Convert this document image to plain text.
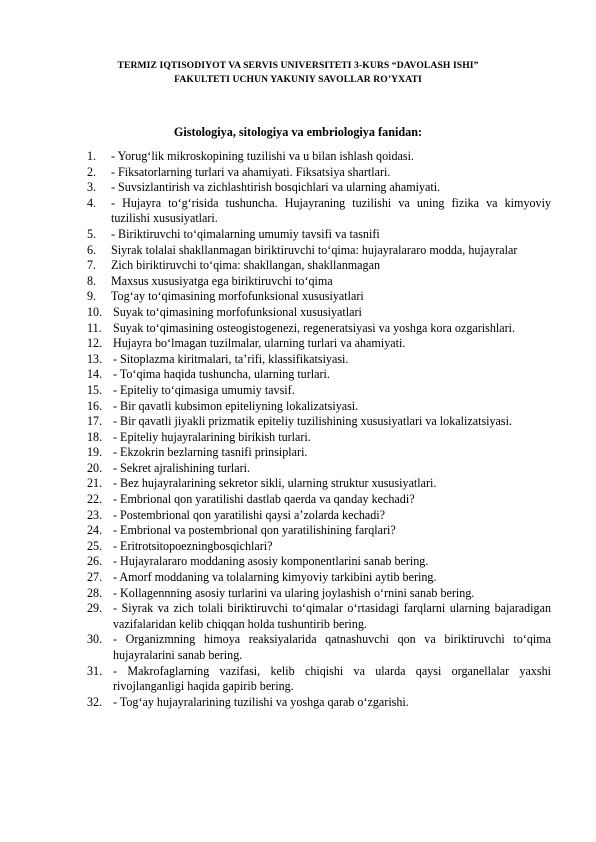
TERMIZ IQTISODIYOT VA SERVIS UNIVERSITETI 3-KURS “DAVOLASH ISHI”
FAKULTETI UCHUN YAKUNIY SAVOLLAR RO’YXATI
Gistologiya, sitologiya va embriologiya fanidan:
1.	- Yorug‘lik mikroskopining tuzilishi va u bilan ishlash qoidasi.
2.	- Fiksatorlarning turlari va ahamiyati. Fiksatsiya shartlari.
3.	- Suvsizlantirish va zichlashtirish bosqichlari va ularning ahamiyati.
4.	- Hujayra to‘g‘risida tushuncha. Hujayraning tuzilishi va uning fizika va kimyoviy tuzilishi xususiyatlari.
5.	- Biriktiruvchi to‘qimalarning umumiy tavsifi va tasnifi
6.	Siyrak tolalai shakllanmagan biriktiruvchi to‘qima: hujayralararo modda, hujayralar
7.	Zich biriktiruvchi to‘qima: shakllangan, shakllanmagan
8.	Maxsus xususiyatga ega biriktiruvchi to‘qima
9.	Tog‘ay to‘qimasining morfofunksional xususiyatlari
10. Suyak to‘qimasining morfofunksional xususiyatlari
11. Suyak to‘qimasining osteogistogenezi, regeneratsiyasi va yoshga kora ozgarishlari.
12. Hujayra bo‘lmagan tuzilmalar, ularning turlari va ahamiyati.
13. - Sitoplazma kiritmalari, ta’rifi, klassifikatsiyasi.
14. - To‘qima haqida tushuncha, ularning turlari.
15. - Epiteliy to‘qimasiga umumiy tavsif.
16. - Bir qavatli kubsimon epiteliyning lokalizatsiyasi.
17. - Bir qavatli jiyakli prizmatik epiteliy tuzilishining xususiyatlari va lokalizatsiyasi.
18. - Epiteliy hujayralarining birikish turlari.
19. - Ekzokrin bezlarning tasnifi prinsiplari.
20. - Sekret ajralishining turlari.
21. - Bez hujayralarining sekretor sikli, ularning struktur xususiyatlari.
22. - Embrional qon yaratilishi dastlab qaerda va qanday kechadi?
23. - Postembrional qon yaratilishi qaysi a’zolarda kechadi?
24. - Embrional va postembrional qon yaratilishining farqlari?
25. - Eritrotsitopoezningbosqichlari?
26. - Hujayralararo moddaning asosiy komponentlarini sanab bering.
27. - Amorf moddaning va tolalarning kimyoviy tarkibini aytib bering.
28. - Kollagennning asosiy turlarini va ularing joylashish o‘rnini sanab bering.
29. - Siyrak va zich tolali biriktiruvchi to‘qimalar o‘rtasidagi farqlarni ularning bajaradigan vazifalaridan kelib chiqqan holda tushuntirib bering.
30. - Organizmning himoya reaksiyalarida qatnashuvchi qon va biriktiruvchi to‘qima hujayralarini sanab bering.
31. - Makrofaglarning vazifasi, kelib chiqishi va ularda qaysi organellalar yaxshi rivojlanganligi haqida gapirib bering.
32. - Tog‘ay hujayralarining tuzilishi va yoshga qarab o‘zgarishi.
